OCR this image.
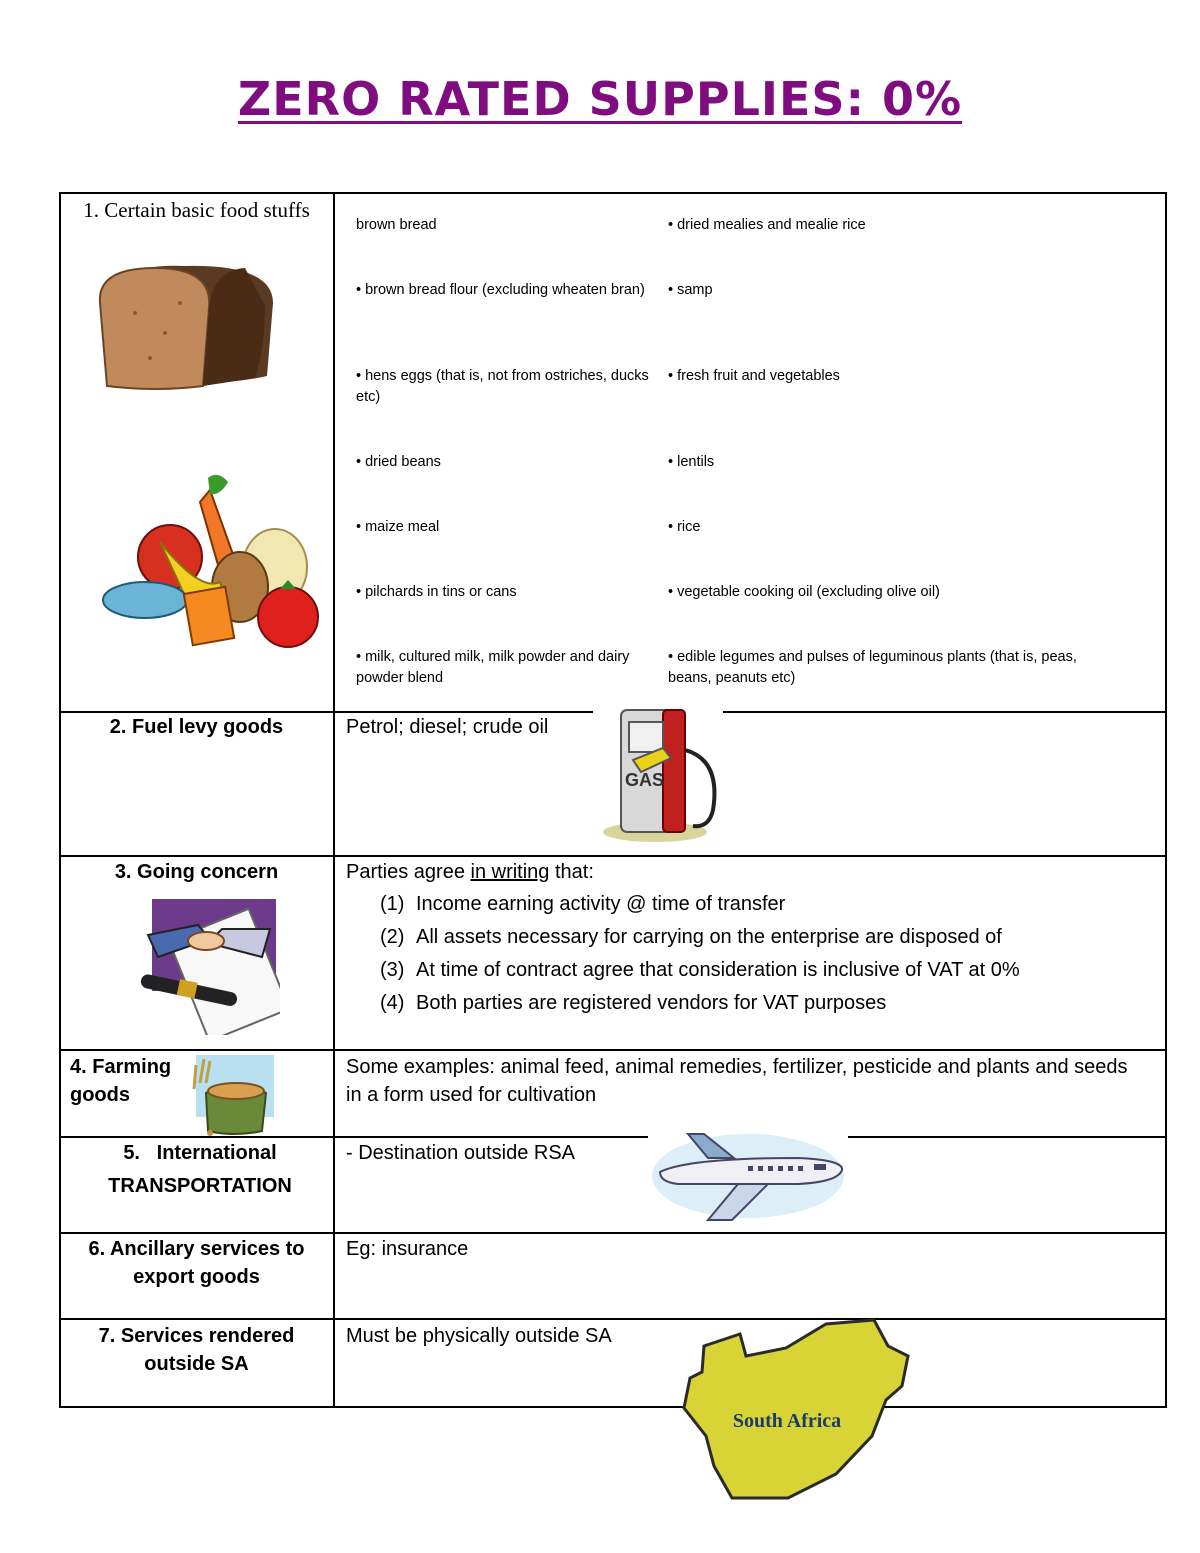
ZERO RATED SUPPLIES: 0%
1. Certain basic food stuffs
brown bread
• brown bread flour (excluding wheaten bran)
• hens eggs (that is, not from ostriches, ducks etc)
• dried beans
• maize meal
• pilchards in tins or cans
• milk, cultured milk, milk powder and dairy powder blend
• dried mealies and mealie rice
• samp
• fresh fruit and vegetables
• lentils
• rice
• vegetable cooking oil (excluding olive oil)
• edible legumes and pulses of leguminous plants (that is, peas, beans, peanuts etc)
2. Fuel levy goods	Petrol; diesel; crude oil
GAS
3. Going concern	Parties agree in writing that:
(1) Income earning activity @ time of transfer
(2) All assets necessary for carrying on the enterprise are disposed of
(3) At time of contract agree that consideration is inclusive of VAT at 0%
(4) Both parties are registered vendors for VAT purposes
4. Farming
goods
Some examples: animal feed, animal remedies, fertilizer, pesticide and plants and seeds in a form used for cultivation
5.   International
TRANSPORTATION
- Destination outside RSA
6. Ancillary services to
export goods
Eg: insurance
7. Services rendered
outside SA
Must be physically outside SA
South Africa
